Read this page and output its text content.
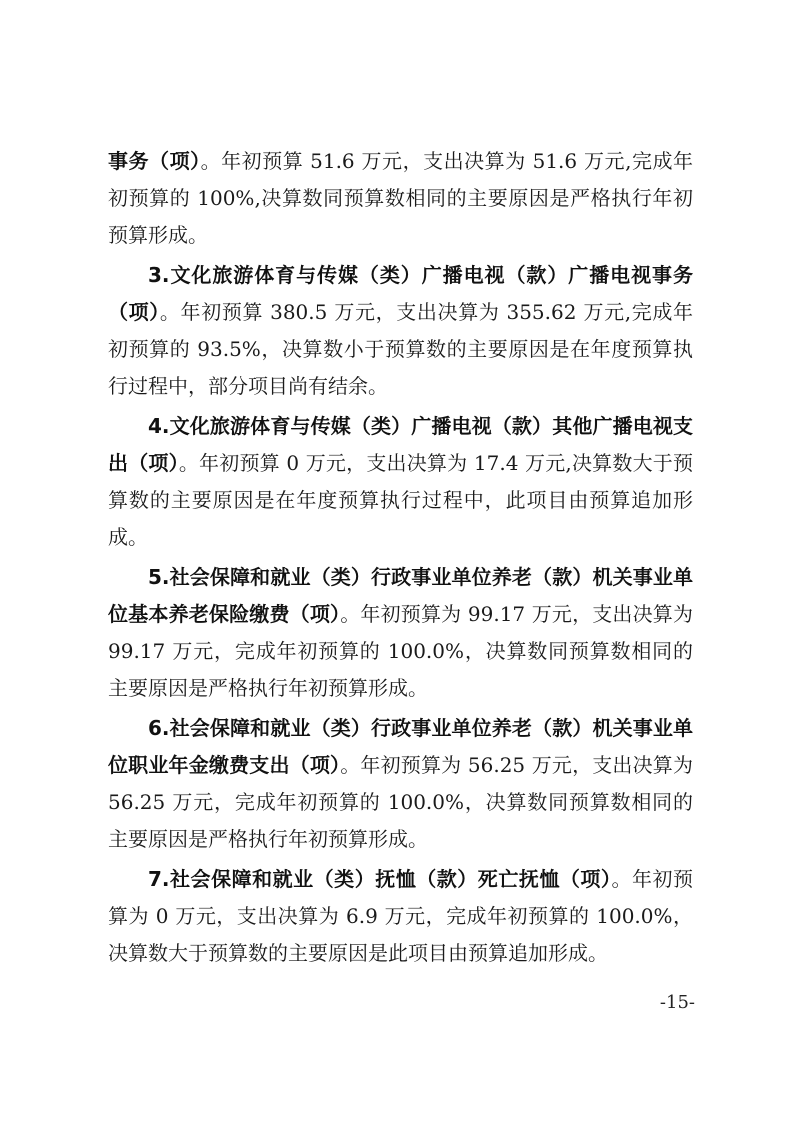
事务（项）。年初预算 51.6 万元，支出决算为 51.6 万元,完成年初预算的 100%,决算数同预算数相同的主要原因是严格执行年初预算形成。

3.文化旅游体育与传媒（类）广播电视（款）广播电视事务（项）。年初预算 380.5 万元，支出决算为 355.62 万元,完成年初预算的 93.5%，决算数小于预算数的主要原因是在年度预算执行过程中，部分项目尚有结余。

4.文化旅游体育与传媒（类）广播电视（款）其他广播电视支出（项）。年初预算 0 万元，支出决算为 17.4 万元,决算数大于预算数的主要原因是在年度预算执行过程中，此项目由预算追加形成。

5.社会保障和就业（类）行政事业单位养老（款）机关事业单位基本养老保险缴费（项）。年初预算为 99.17 万元，支出决算为 99.17 万元，完成年初预算的 100.0%，决算数同预算数相同的主要原因是严格执行年初预算形成。

6.社会保障和就业（类）行政事业单位养老（款）机关事业单位职业年金缴费支出（项）。年初预算为 56.25 万元，支出决算为 56.25 万元，完成年初预算的 100.0%，决算数同预算数相同的主要原因是严格执行年初预算形成。

7.社会保障和就业（类）抚恤（款）死亡抚恤（项）。年初预算为 0 万元，支出决算为 6.9 万元，完成年初预算的 100.0%，决算数大于预算数的主要原因是此项目由预算追加形成。

-15-
